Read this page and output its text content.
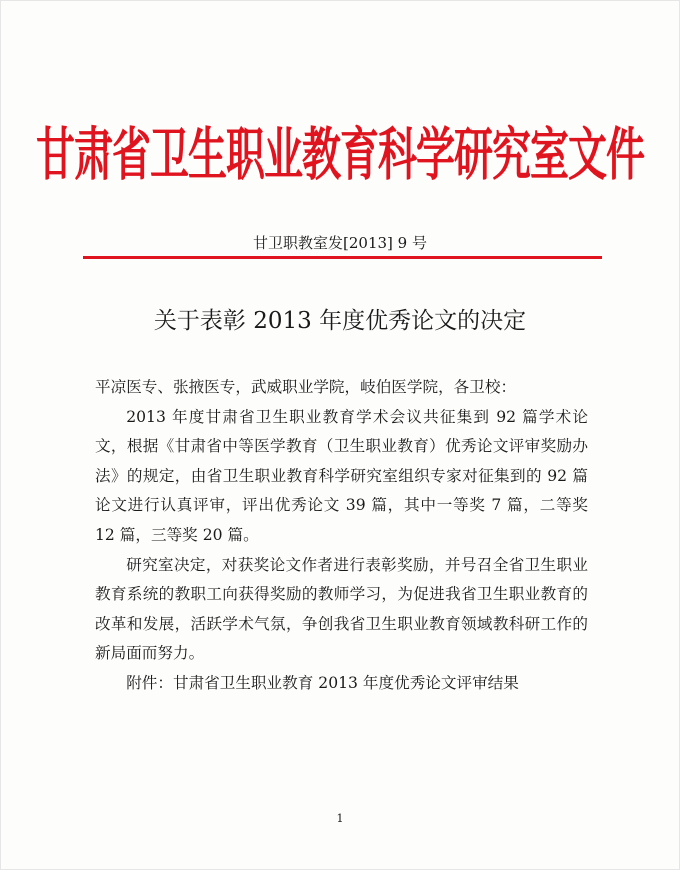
甘肃省卫生职业教育科学研究室文件
甘卫职教室发[2013] 9 号
关于表彰 2013 年度优秀论文的决定

平凉医专、张掖医专，武威职业学院，岐伯医学院，各卫校：

2013 年度甘肃省卫生职业教育学术会议共征集到 92 篇学术论文，根据《甘肃省中等医学教育（卫生职业教育）优秀论文评审奖励办法》的规定，由省卫生职业教育科学研究室组织专家对征集到的 92 篇论文进行认真评审，评出优秀论文 39 篇，其中一等奖 7 篇，二等奖 12 篇，三等奖 20 篇。

研究室决定，对获奖论文作者进行表彰奖励，并号召全省卫生职业教育系统的教职工向获得奖励的教师学习，为促进我省卫生职业教育的改革和发展，活跃学术气氛，争创我省卫生职业教育领域教科研工作的新局面而努力。

附件：甘肃省卫生职业教育 2013 年度优秀论文评审结果

1
